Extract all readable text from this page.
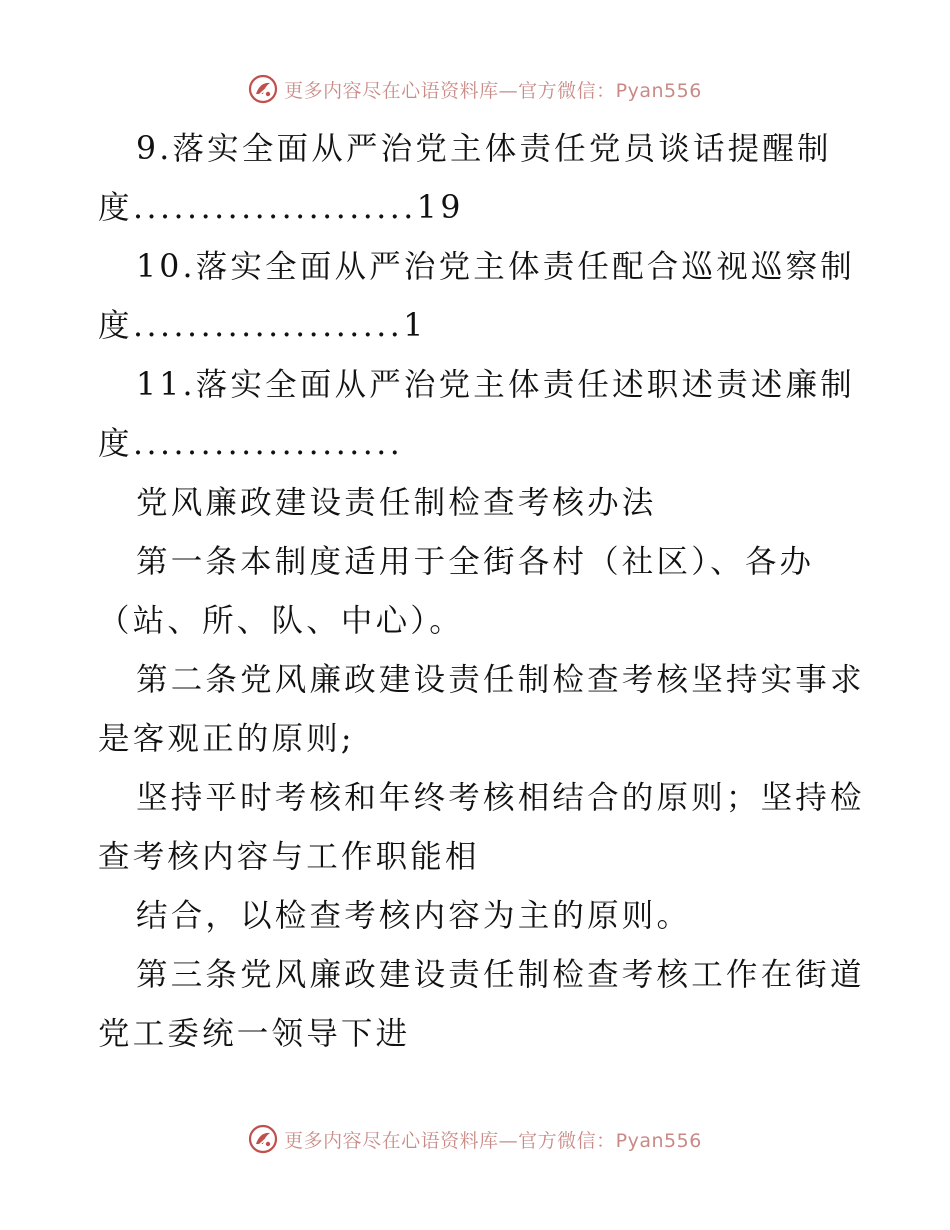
更多内容尽在心语资料库—官方微信：Pyan556
9.落实全面从严治党主体责任党员谈话提醒制
度.....................19
10.落实全面从严治党主体责任配合巡视巡察制
度....................1
11.落实全面从严治党主体责任述职述责述廉制
度....................
党风廉政建设责任制检查考核办法
第一条本制度适用于全街各村（社区）、各办
（站、所、队、中心）。
第二条党风廉政建设责任制检查考核坚持实事求
是客观正的原则;
坚持平时考核和年终考核相结合的原则；坚持检
查考核内容与工作职能相
结合，以检查考核内容为主的原则。
第三条党风廉政建设责任制检查考核工作在街道
党工委统一领导下进
更多内容尽在心语资料库—官方微信：Pyan556
